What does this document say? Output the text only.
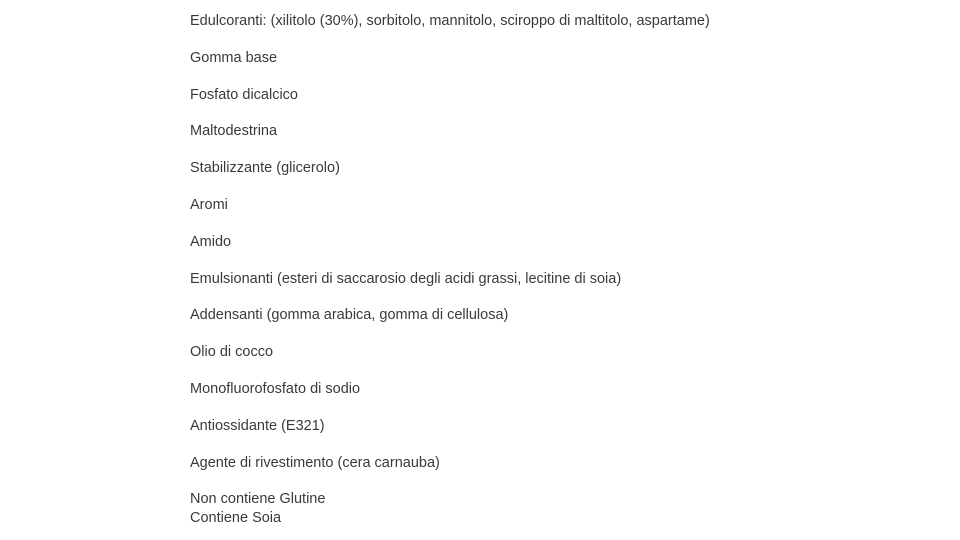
Edulcoranti: (xilitolo (30%), sorbitolo, mannitolo, sciroppo di maltitolo, aspartame)
Gomma base
Fosfato dicalcico
Maltodestrina
Stabilizzante (glicerolo)
Aromi
Amido
Emulsionanti (esteri di saccarosio degli acidi grassi, lecitine di soia)
Addensanti (gomma arabica, gomma di cellulosa)
Olio di cocco
Monofluorofosfato di sodio
Antiossidante (E321)
Agente di rivestimento (cera carnauba)
Non contiene Glutine
Contiene Soia
